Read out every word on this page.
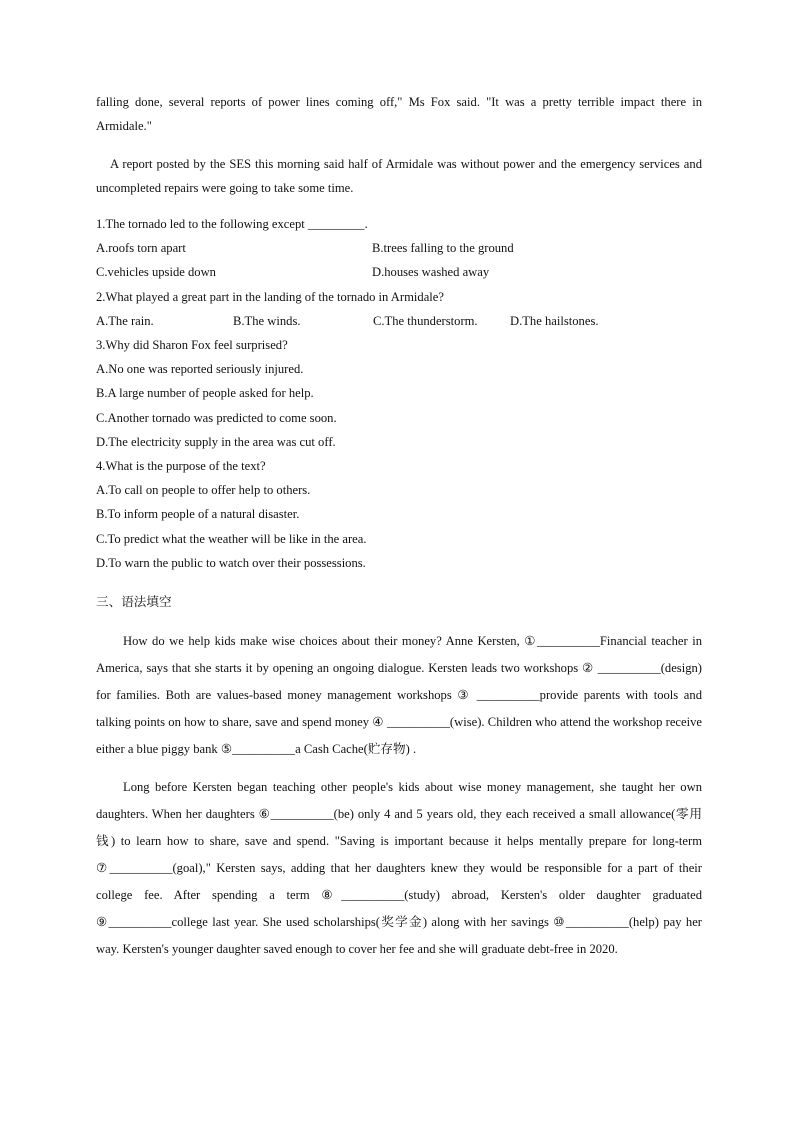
falling done, several reports of power lines coming off," Ms Fox said. "It was a pretty terrible impact there in Armidale."

A report posted by the SES this morning said half of Armidale was without power and the emergency services and uncompleted repairs were going to take some time.

1.The tornado led to the following except _________.
A.roofs torn apart	B.trees falling to the ground
C.vehicles upside down	D.houses washed away
2.What played a great part in the landing of the tornado in Armidale?
A.The rain.	B.The winds.	C.The thunderstorm.	D.The hailstones.
3.Why did Sharon Fox feel surprised?
A.No one was reported seriously injured.
B.A large number of people asked for help.
C.Another tornado was predicted to come soon.
D.The electricity supply in the area was cut off.
4.What is the purpose of the text?
A.To call on people to offer help to others.
B.To inform people of a natural disaster.
C.To predict what the weather will be like in the area.
D.To warn the public to watch over their possessions.
三、语法填空

How do we help kids make wise choices about their money? Anne Kersten, ①__________Financial teacher in America, says that she starts it by opening an ongoing dialogue. Kersten leads two workshops ② __________(design) for families. Both are values-based money management workshops ③ __________provide parents with tools and talking points on how to share, save and spend money ④ __________(wise). Children who attend the workshop receive either a blue piggy bank ⑤__________a Cash Cache(贮存物) .

Long before Kersten began teaching other people's kids about wise money management, she taught her own daughters. When her daughters ⑥__________(be) only 4 and 5 years old, they each received a small allowance(零用钱) to learn how to share, save and spend. "Saving is important because it helps mentally prepare for long-term ⑦__________(goal)," Kersten says, adding that her daughters knew they would be responsible for a part of their college fee. After spending a term ⑧__________(study) abroad, Kersten's older daughter graduated ⑨__________college last year. She used scholarships(奖学金) along with her savings ⑩__________(help) pay her way. Kersten's younger daughter saved enough to cover her fee and she will graduate debt-free in 2020.
